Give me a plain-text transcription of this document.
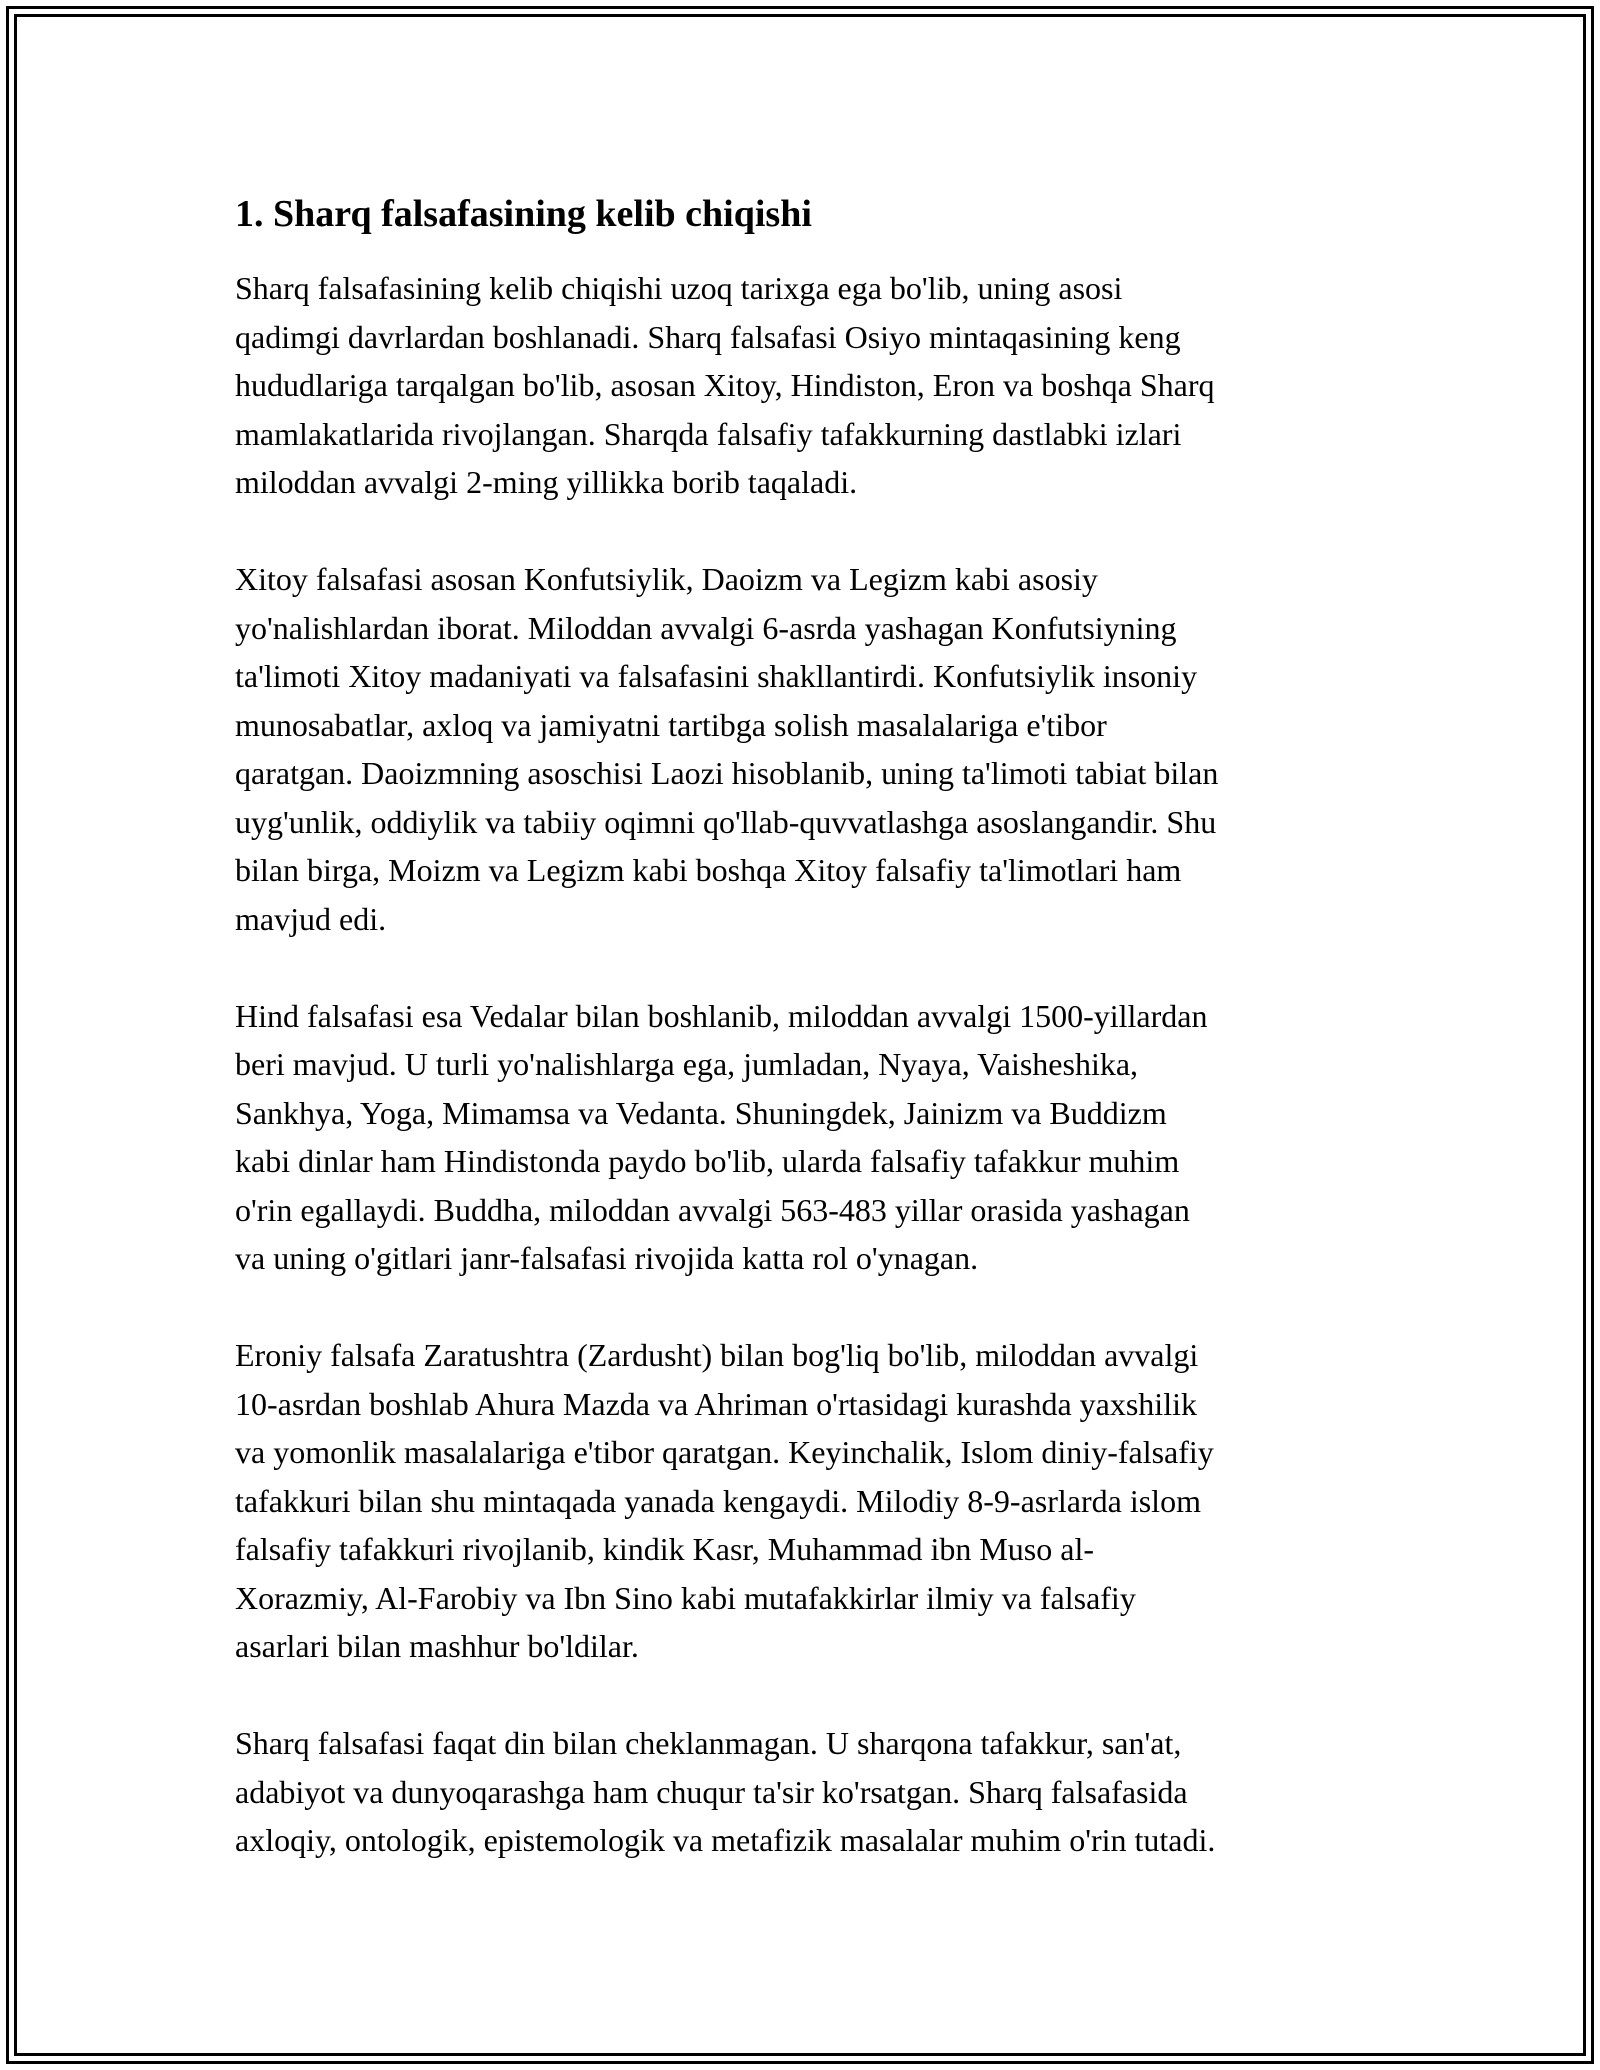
1. Sharq falsafasining kelib chiqishi

Sharq falsafasining kelib chiqishi uzoq tarixga ega bo'lib, uning asosi
qadimgi davrlardan boshlanadi. Sharq falsafasi Osiyo mintaqasining keng
hududlariga tarqalgan bo'lib, asosan Xitoy, Hindiston, Eron va boshqa Sharq
mamlakatlarida rivojlangan. Sharqda falsafiy tafakkurning dastlabki izlari
miloddan avvalgi 2-ming yillikka borib taqaladi.

Xitoy falsafasi asosan Konfutsiylik, Daoizm va Legizm kabi asosiy
yo'nalishlardan iborat. Miloddan avvalgi 6-asrda yashagan Konfutsiyning
ta'limoti Xitoy madaniyati va falsafasini shakllantirdi. Konfutsiylik insoniy
munosabatlar, axloq va jamiyatni tartibga solish masalalariga e'tibor
qaratgan. Daoizmning asoschisi Laozi hisoblanib, uning ta'limoti tabiat bilan
uyg'unlik, oddiylik va tabiiy oqimni qo'llab-quvvatlashga asoslangandir. Shu
bilan birga, Moizm va Legizm kabi boshqa Xitoy falsafiy ta'limotlari ham
mavjud edi.

Hind falsafasi esa Vedalar bilan boshlanib, miloddan avvalgi 1500-yillardan
beri mavjud. U turli yo'nalishlarga ega, jumladan, Nyaya, Vaisheshika,
Sankhya, Yoga, Mimamsa va Vedanta. Shuningdek, Jainizm va Buddizm
kabi dinlar ham Hindistonda paydo bo'lib, ularda falsafiy tafakkur muhim
o'rin egallaydi. Buddha, miloddan avvalgi 563-483 yillar orasida yashagan
va uning o'gitlari janr-falsafasi rivojida katta rol o'ynagan.

Eroniy falsafa Zaratushtra (Zardusht) bilan bog'liq bo'lib, miloddan avvalgi
10-asrdan boshlab Ahura Mazda va Ahriman o'rtasidagi kurashda yaxshilik
va yomonlik masalalariga e'tibor qaratgan. Keyinchalik, Islom diniy-falsafiy
tafakkuri bilan shu mintaqada yanada kengaydi. Milodiy 8-9-asrlarda islom
falsafiy tafakkuri rivojlanib, kindik Kasr, Muhammad ibn Muso al-
Xorazmiy, Al-Farobiy va Ibn Sino kabi mutafakkirlar ilmiy va falsafiy
asarlari bilan mashhur bo'ldilar.

Sharq falsafasi faqat din bilan cheklanmagan. U sharqona tafakkur, san'at,
adabiyot va dunyoqarashga ham chuqur ta'sir ko'rsatgan. Sharq falsafasida
axloqiy, ontologik, epistemologik va metafizik masalalar muhim o'rin tutadi.
